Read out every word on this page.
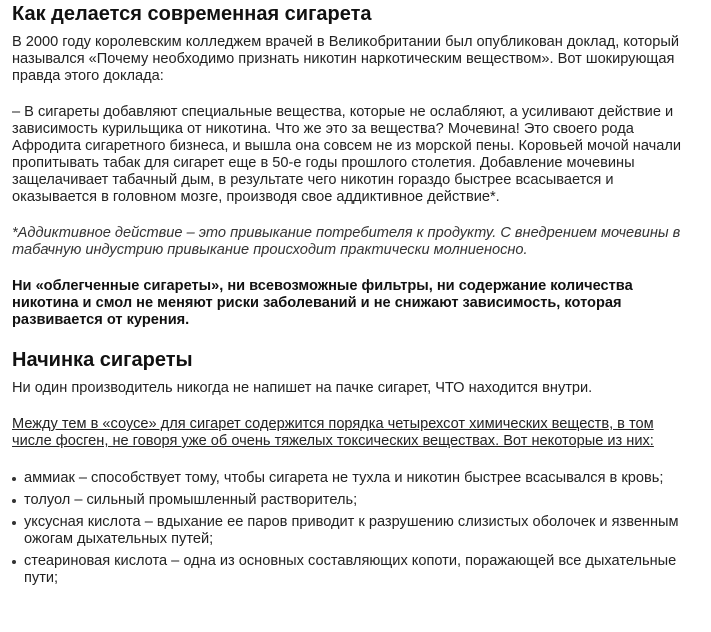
Как делается современная сигарета

В 2000 году королевским колледжем врачей в Великобритании был опубликован доклад, который назывался «Почему необходимо признать никотин наркотическим веществом». Вот шокирующая правда этого доклада:

– В сигареты добавляют специальные вещества, которые не ослабляют, а усиливают действие и зависимость курильщика от никотина. Что же это за вещества? Мочевина! Это своего рода Афродита сигаретного бизнеса, и вышла она совсем не из морской пены. Коровьей мочой начали пропитывать табак для сигарет еще в 50-е годы прошлого столетия. Добавление мочевины защелачивает табачный дым, в результате чего никотин гораздо быстрее всасывается и оказывается в головном мозге, производя свое аддиктивное действие*.

*Аддиктивное действие – это привыкание потребителя к продукту. С внедрением мочевины в табачную индустрию привыкание происходит практически молниеносно.

Ни «облегченные сигареты», ни всевозможные фильтры, ни содержание количества никотина и смол не меняют риски заболеваний и не снижают зависимость, которая развивается от курения.

Начинка сигареты

Ни один производитель никогда не напишет на пачке сигарет, ЧТО находится внутри.

Между тем в «соусе» для сигарет содержится порядка четырехсот химических веществ, в том числе фосген, не говоря уже об очень тяжелых токсических веществах. Вот некоторые из них:

аммиак – способствует тому, чтобы сигарета не тухла и никотин быстрее всасывался в кровь;
толуол – сильный промышленный растворитель;
уксусная кислота – вдыхание ее паров приводит к разрушению слизистых оболочек и язвенным ожогам дыхательных путей;
стеариновая кислота – одна из основных составляющих копоти, поражающей все дыхательные пути;
